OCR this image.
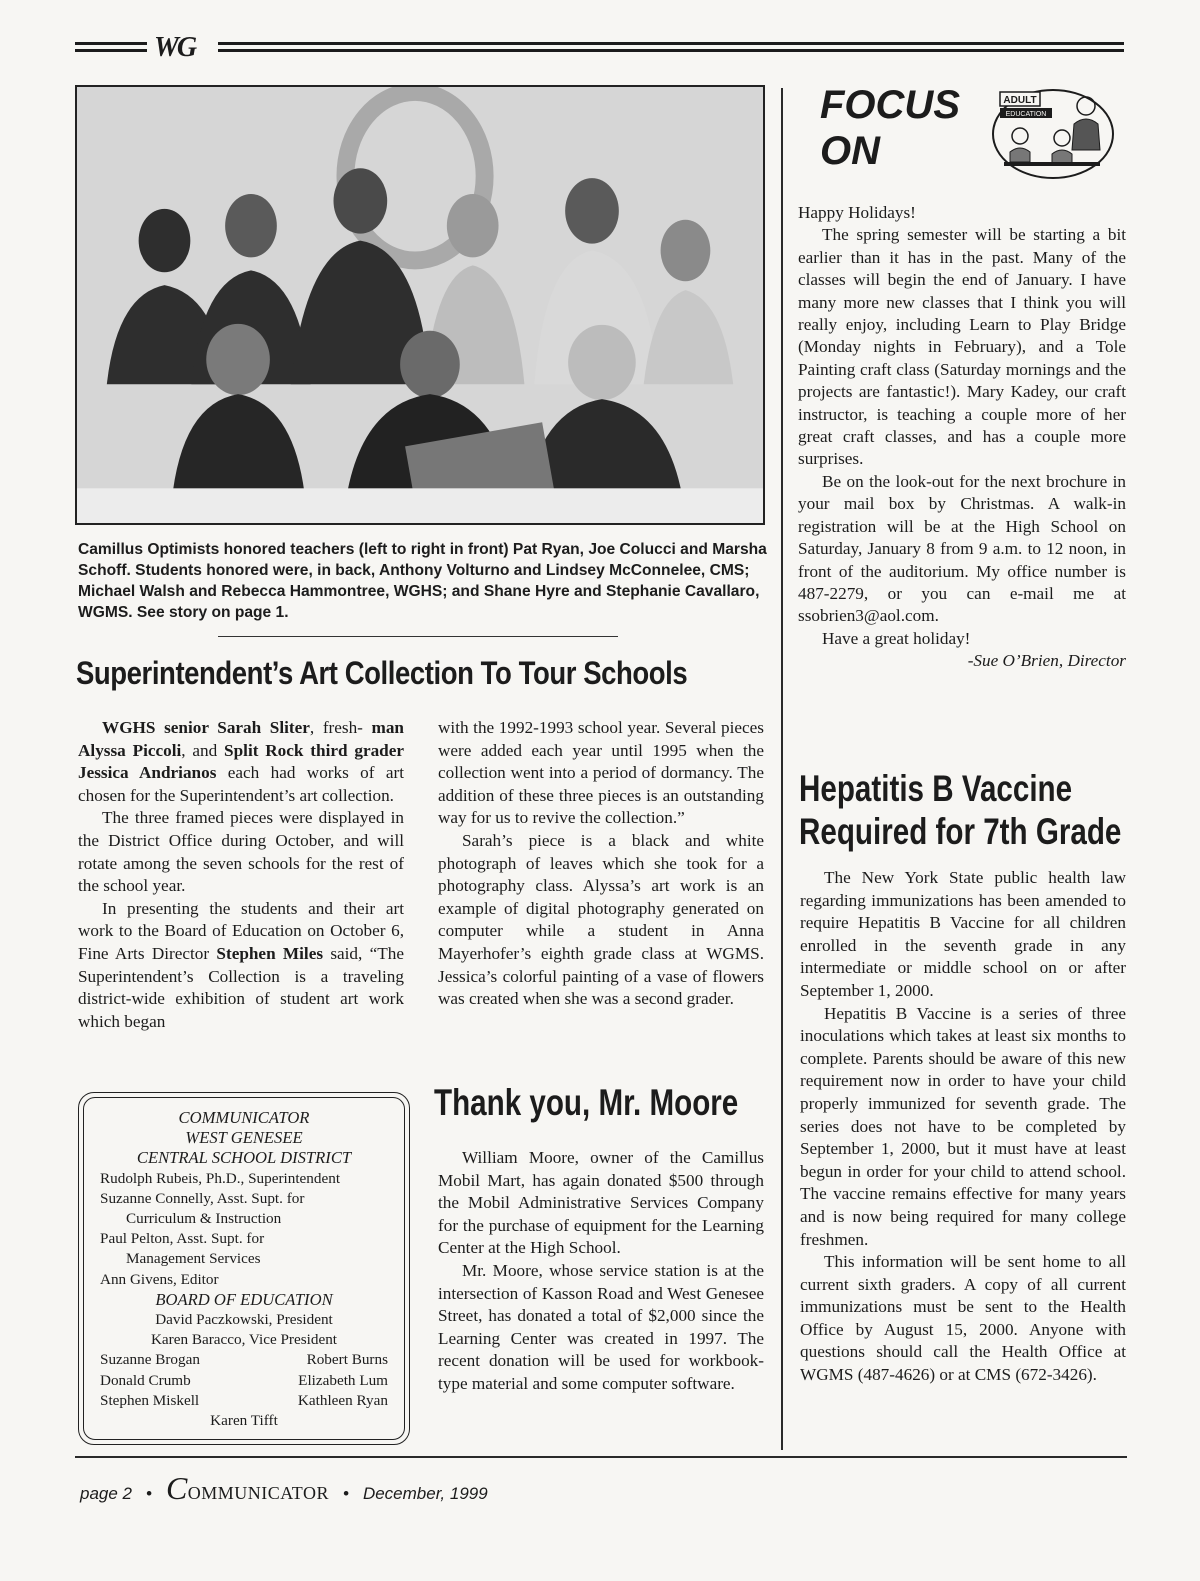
WG
Camillus Optimists honored teachers (left to right in front) Pat Ryan, Joe Colucci and Marsha Schoff. Students honored were, in back, Anthony Volturno and Lindsey McConnelee, CMS; Michael Walsh and Rebecca Hammontree, WGHS; and Shane Hyre and Stephanie Cavallaro, WGMS. See story on page 1.
Superintendent’s Art Collection To Tour Schools

WGHS senior Sarah Sliter, fresh- man Alyssa Piccoli, and Split Rock third grader Jessica Andrianos each had works of art chosen for the Superintendent’s art collection.

The three framed pieces were displayed in the District Office during October, and will rotate among the seven schools for the rest of the school year.

In presenting the students and their art work to the Board of Education on October 6, Fine Arts Director Stephen Miles said, “The Superintendent’s Collection is a traveling district-wide exhibition of student art work which began

with the 1992-1993 school year. Several pieces were added each year until 1995 when the collection went into a period of dormancy. The addition of these three pieces is an outstanding way for us to revive the collection.”

Sarah’s piece is a black and white photograph of leaves which she took for a photography class. Alyssa’s art work is an example of digital photography generated on computer while a student in Anna Mayerhofer’s eighth grade class at WGMS. Jessica’s colorful painting of a vase of flowers was created when she was a second grader.

COMMUNICATOR
WEST GENESEE
CENTRAL SCHOOL DISTRICT
Rudolph Rubeis, Ph.D., Superintendent
Suzanne Connelly, Asst. Supt. for
Curriculum & Instruction
Paul Pelton, Asst. Supt. for
Management Services
Ann Givens, Editor
BOARD OF EDUCATION
David Paczkowski, President
Karen Baracco, Vice President
Suzanne Brogan	Robert Burns
Donald Crumb	Elizabeth Lum
Stephen Miskell	Kathleen Ryan
Karen Tifft
Thank you, Mr. Moore

William Moore, owner of the Camillus Mobil Mart, has again donated $500 through the Mobil Administrative Services Company for the purchase of equipment for the Learning Center at the High School.

Mr. Moore, whose service station is at the intersection of Kasson Road and West Genesee Street, has donated a total of $2,000 since the Learning Center was created in 1997. The recent donation will be used for workbook-type material and some computer software.

FOCUS
ON
ADULT
EDUCATION

Happy Holidays!

The spring semester will be starting a bit earlier than it has in the past. Many of the classes will begin the end of January. I have many more new classes that I think you will really enjoy, including Learn to Play Bridge (Monday nights in February), and a Tole Painting craft class (Saturday mornings and the projects are fantastic!). Mary Kadey, our craft instructor, is teaching a couple more of her great craft classes, and has a couple more surprises.

Be on the look-out for the next brochure in your mail box by Christmas. A walk-in registration will be at the High School on Saturday, January 8 from 9 a.m. to 12 noon, in front of the auditorium. My office number is 487-2279, or you can e-mail me at ssobrien3@aol.com.

Have a great holiday!

-Sue O’Brien, Director

Hepatitis B Vaccine
Required for 7th Grade

The New York State public health law regarding immunizations has been amended to require Hepatitis B Vaccine for all children enrolled in the seventh grade in any intermediate or middle school on or after September 1, 2000.

Hepatitis B Vaccine is a series of three inoculations which takes at least six months to complete. Parents should be aware of this new requirement now in order to have your child properly immunized for seventh grade. The series does not have to be completed by September 1, 2000, but it must have at least begun in order for your child to attend school. The vaccine remains effective for many years and is now being required for many college freshmen.

This information will be sent home to all current sixth graders. A copy of all current immunizations must be sent to the Health Office by August 15, 2000. Anyone with questions should call the Health Office at WGMS (487-4626) or at CMS (672-3426).

page 2 • COMMUNICATOR • December, 1999
